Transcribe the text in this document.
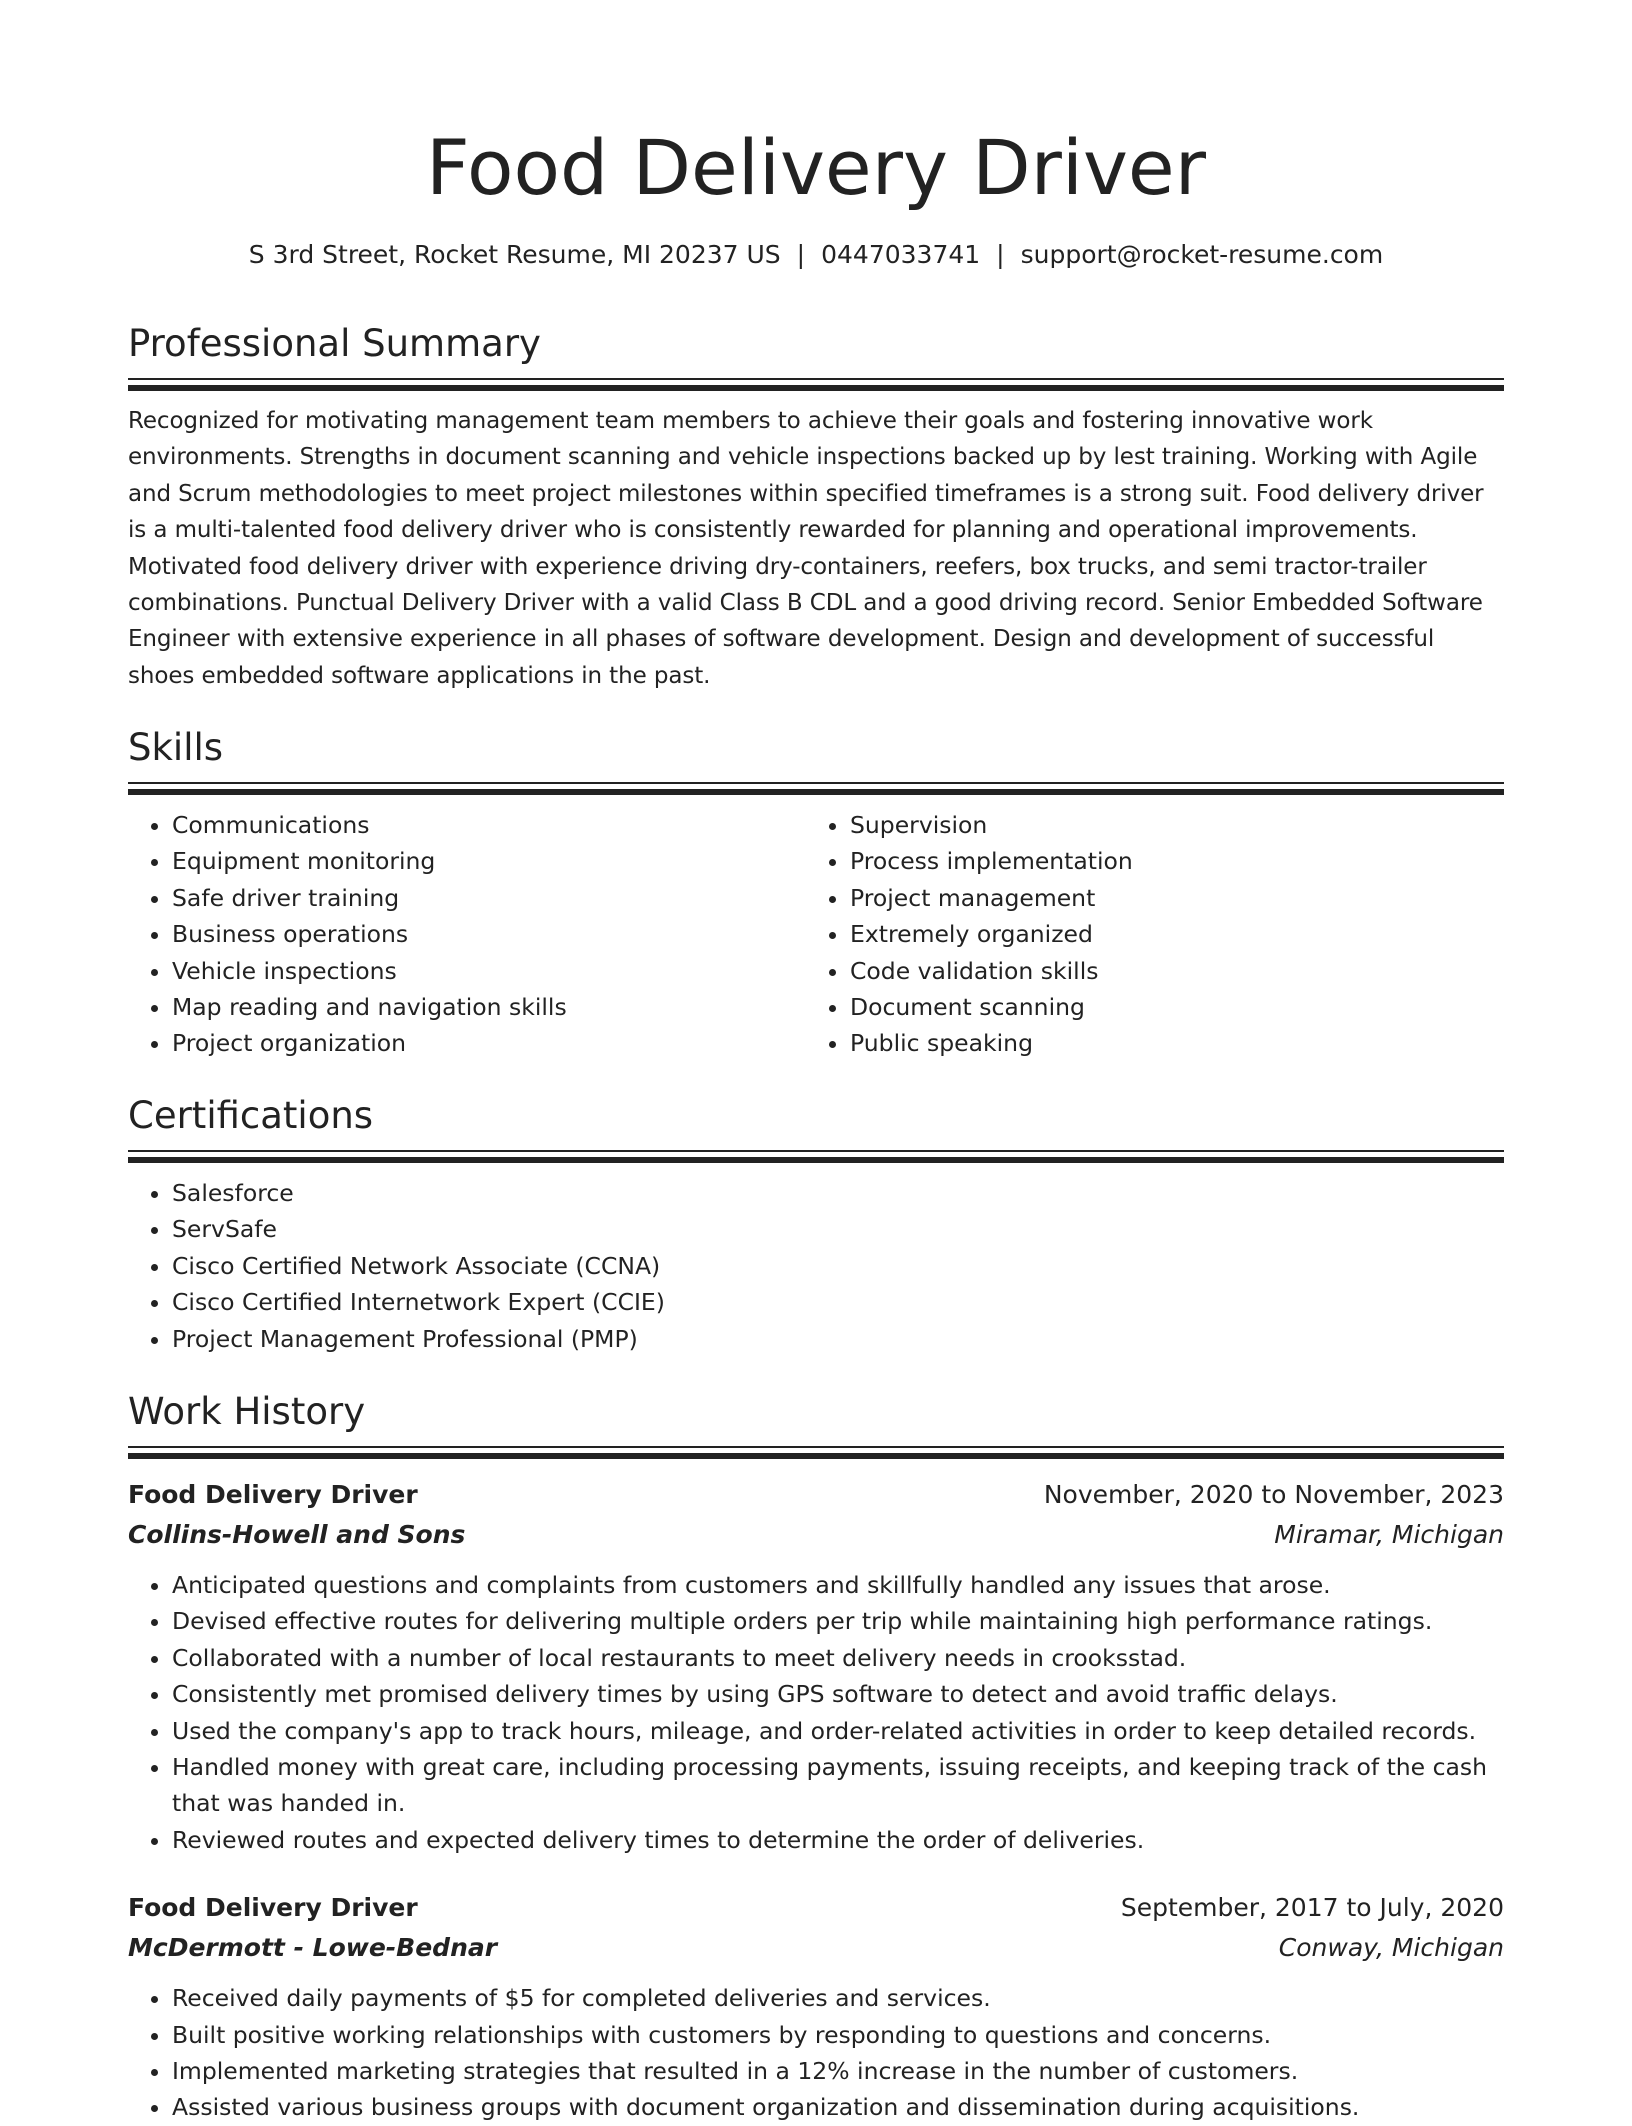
Food Delivery Driver
S 3rd Street, Rocket Resume, MI 20237 US | 0447033741 | support@rocket-resume.com
Professional Summary
Recognized for motivating management team members to achieve their goals and fostering innovative work environments. Strengths in document scanning and vehicle inspections backed up by lest training. Working with Agile and Scrum methodologies to meet project milestones within specified timeframes is a strong suit. Food delivery driver is a multi-talented food delivery driver who is consistently rewarded for planning and operational improvements. Motivated food delivery driver with experience driving dry-containers, reefers, box trucks, and semi tractor-trailer combinations. Punctual Delivery Driver with a valid Class B CDL and a good driving record. Senior Embedded Software Engineer with extensive experience in all phases of software development. Design and development of successful shoes embedded software applications in the past.
Skills
• Communications
• Equipment monitoring
• Safe driver training
• Business operations
• Vehicle inspections
• Map reading and navigation skills
• Project organization
• Supervision
• Process implementation
• Project management
• Extremely organized
• Code validation skills
• Document scanning
• Public speaking
Certifications
• Salesforce
• ServSafe
• Cisco Certified Network Associate (CCNA)
• Cisco Certified Internetwork Expert (CCIE)
• Project Management Professional (PMP)
Work History
Food Delivery Driver	November, 2020 to November, 2023
Collins-Howell and Sons	Miramar, Michigan
• Anticipated questions and complaints from customers and skillfully handled any issues that arose.
• Devised effective routes for delivering multiple orders per trip while maintaining high performance ratings.
• Collaborated with a number of local restaurants to meet delivery needs in crooksstad.
• Consistently met promised delivery times by using GPS software to detect and avoid traffic delays.
• Used the company's app to track hours, mileage, and order-related activities in order to keep detailed records.
• Handled money with great care, including processing payments, issuing receipts, and keeping track of the cash that was handed in.
• Reviewed routes and expected delivery times to determine the order of deliveries.
Food Delivery Driver	September, 2017 to July, 2020
McDermott - Lowe-Bednar	Conway, Michigan
• Received daily payments of $5 for completed deliveries and services.
• Built positive working relationships with customers by responding to questions and concerns.
• Implemented marketing strategies that resulted in a 12% increase in the number of customers.
• Assisted various business groups with document organization and dissemination during acquisitions.
